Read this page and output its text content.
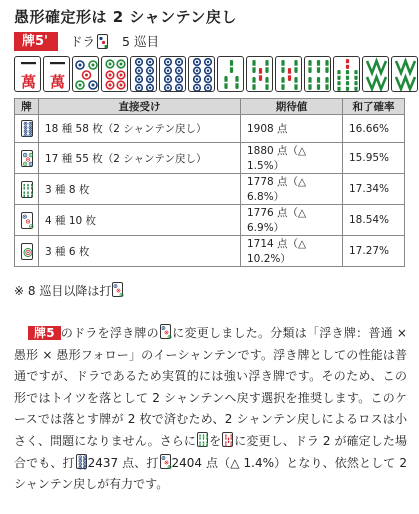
愚形確定形は 2 シャンテン戻し
牌5'	ドラ 5 巡目
萬 萬
牌	直接受け	期待値	和了確率
	18 種 58 枚（2 シャンテン戻し）	1908 点	16.66%
	17 種 55 枚（2 シャンテン戻し）	1880 点（△ 1.5%）	15.95%
	3 種 8 枚	1778 点（△ 6.8%）	17.34%
	4 種 10 枚	1776 点（△ 6.9%）	18.54%
	3 種 6 枚	1714 点（△ 10.2%）	17.27%
※ 8 巡目以降は打
牌5 のドラを浮き牌の に変更しました。分類は「浮き牌：普通 × 愚形 × 愚形フォロー」のイーシャンテンです。浮き牌としての性能は普通ですが、ドラであるため実質的には強い浮き牌です。そのため、この形ではトイツを落として 2 シャンテンへ戻す選択を推奨します。このケースでは落とす牌が 2 枚で済むため、2 シャンテン戻しによるロスは小さく、問題になりません。さらに を に変更し、ドラ 2 が確定した場合でも、打 2437 点、打 2404 点（△ 1.4%）となり、依然として 2 シャンテン戻しが有力です。
